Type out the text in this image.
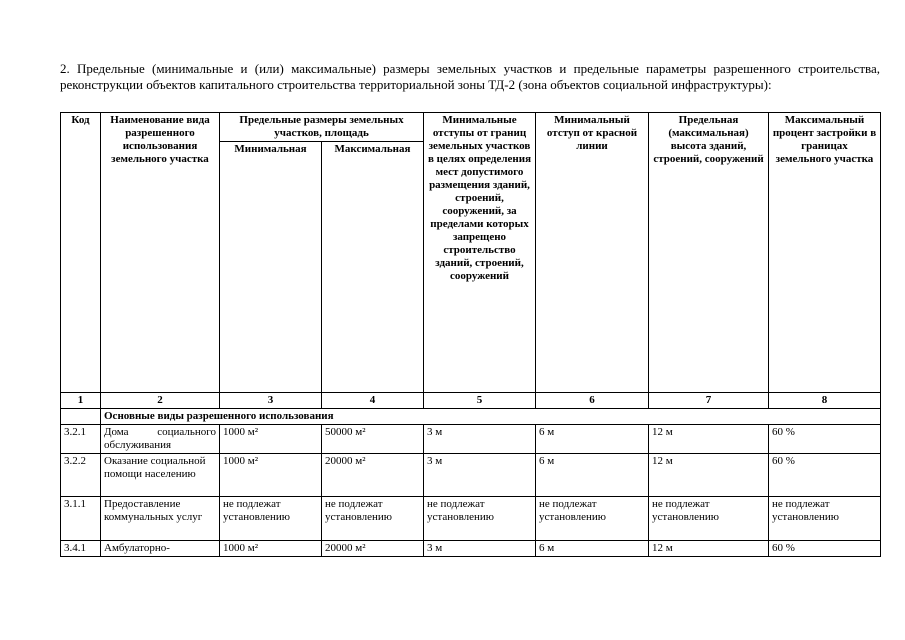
2. Предельные (минимальные и (или) максимальные) размеры земельных участков и предельные параметры разрешенного строительства, реконструкции объектов капитального строительства территориальной зоны ТД-2 (зона объектов социальной инфраструктуры):

Код	Наименование вида разрешенного использования земельного участка	Предельные размеры земельных участков, площадь		Минимальные отступы от границ земельных участков в целях определения мест допустимого размещения зданий, строений, сооружений, за пределами которых запрещено строительство зданий, строений, сооружений	Минимальный отступ от красной линии	Предельная (максимальная) высота зданий, строений, сооружений	Максимальный процент застройки в границах земельного участка
		Минимальная	Максимальная				
1	2	3	4	5	6	7	8
	Основные виды разрешенного использования						
3.2.1	Дома социального обслуживания	1000 м²	50000 м²	3 м	6 м	12 м	60 %
3.2.2	Оказание социальной помощи населению	1000 м²	20000 м²	3 м	6 м	12 м	60 %
3.1.1	Предоставление коммунальных услуг	не подлежат установлению	не подлежат установлению	не подлежат установлению	не подлежат установлению	не подлежат установлению	не подлежат установлению
3.4.1	Амбулаторно-	1000 м²	20000 м²	3 м	6 м	12 м	60 %
